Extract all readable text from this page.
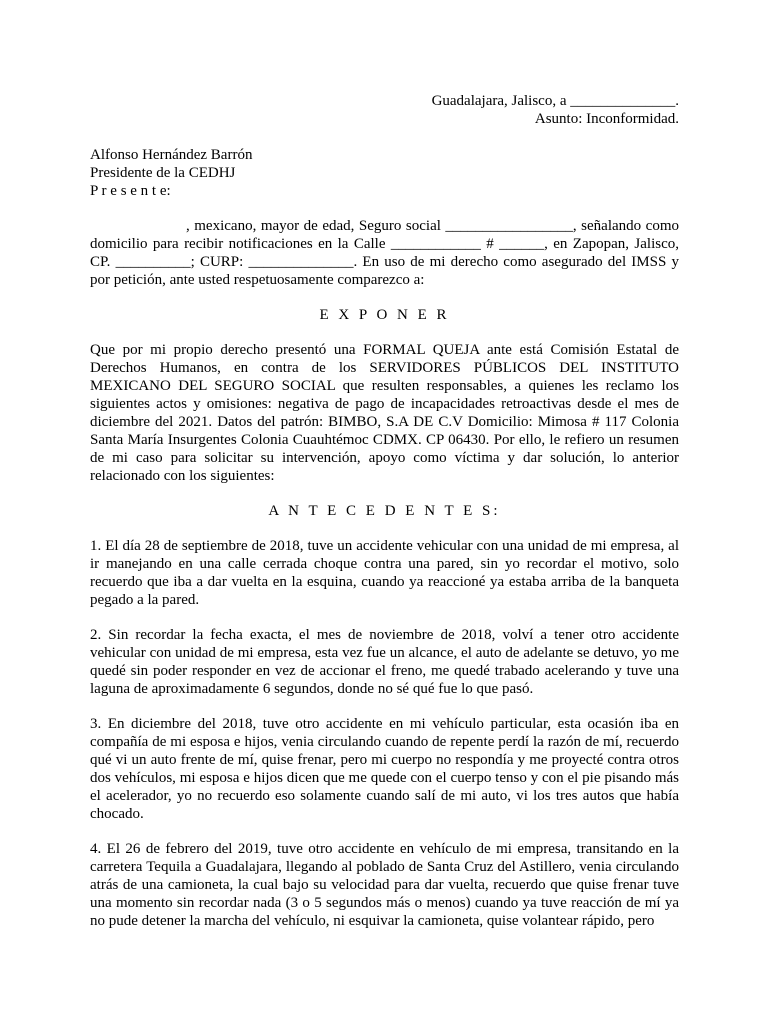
Guadalajara, Jalisco, a ______________.
Asunto: Inconformidad.
Alfonso Hernández Barrón
Presidente de la CEDHJ
P r e s e n t e:

, mexicano, mayor de edad, Seguro social _________________, señalando como domicilio para recibir notificaciones en la Calle ____________ # ______, en Zapopan, Jalisco, CP. __________; CURP: ______________. En uso de mi derecho como asegurado del IMSS y por petición, ante usted respetuosamente comparezco a:

E X P O N E R

Que por mi propio derecho presentó una FORMAL QUEJA ante está Comisión Estatal de Derechos Humanos, en contra de los SERVIDORES PÚBLICOS DEL INSTITUTO MEXICANO DEL SEGURO SOCIAL que resulten responsables, a quienes les reclamo los siguientes actos y omisiones: negativa de pago de incapacidades retroactivas desde el mes de diciembre del 2021. Datos del patrón: BIMBO, S.A DE C.V Domicilio: Mimosa # 117 Colonia Santa María Insurgentes Colonia Cuauhtémoc CDMX. CP 06430. Por ello, le refiero un resumen de mi caso para solicitar su intervención, apoyo como víctima y dar solución, lo anterior relacionado con los siguientes:

A N T E C E D E N T E S:

1. El día 28 de septiembre de 2018, tuve un accidente vehicular con una unidad de mi empresa, al ir manejando en una calle cerrada choque contra una pared, sin yo recordar el motivo, solo recuerdo que iba a dar vuelta en la esquina, cuando ya reaccioné ya estaba arriba de la banqueta pegado a la pared.

2. Sin recordar la fecha exacta, el mes de noviembre de 2018, volví a tener otro accidente vehicular con unidad de mi empresa, esta vez fue un alcance, el auto de adelante se detuvo, yo me quedé sin poder responder en vez de accionar el freno, me quedé trabado acelerando y tuve una laguna de aproximadamente 6 segundos, donde no sé qué fue lo que pasó.

3. En diciembre del 2018, tuve otro accidente en mi vehículo particular, esta ocasión iba en compañía de mi esposa e hijos, venia circulando cuando de repente perdí la razón de mí, recuerdo qué vi un auto frente de mí, quise frenar, pero mi cuerpo no respondía y me proyecté contra otros dos vehículos, mi esposa e hijos dicen que me quede con el cuerpo tenso y con el pie pisando más el acelerador, yo no recuerdo eso solamente cuando salí de mi auto, vi los tres autos que había chocado.

4. El 26 de febrero del 2019, tuve otro accidente en vehículo de mi empresa, transitando en la carretera Tequila a Guadalajara, llegando al poblado de Santa Cruz del Astillero, venia circulando atrás de una camioneta, la cual bajo su velocidad para dar vuelta, recuerdo que quise frenar tuve una momento sin recordar nada (3 o 5 segundos más o menos) cuando ya tuve reacción de mí ya no pude detener la marcha del vehículo, ni esquivar la camioneta, quise volantear rápido, pero
